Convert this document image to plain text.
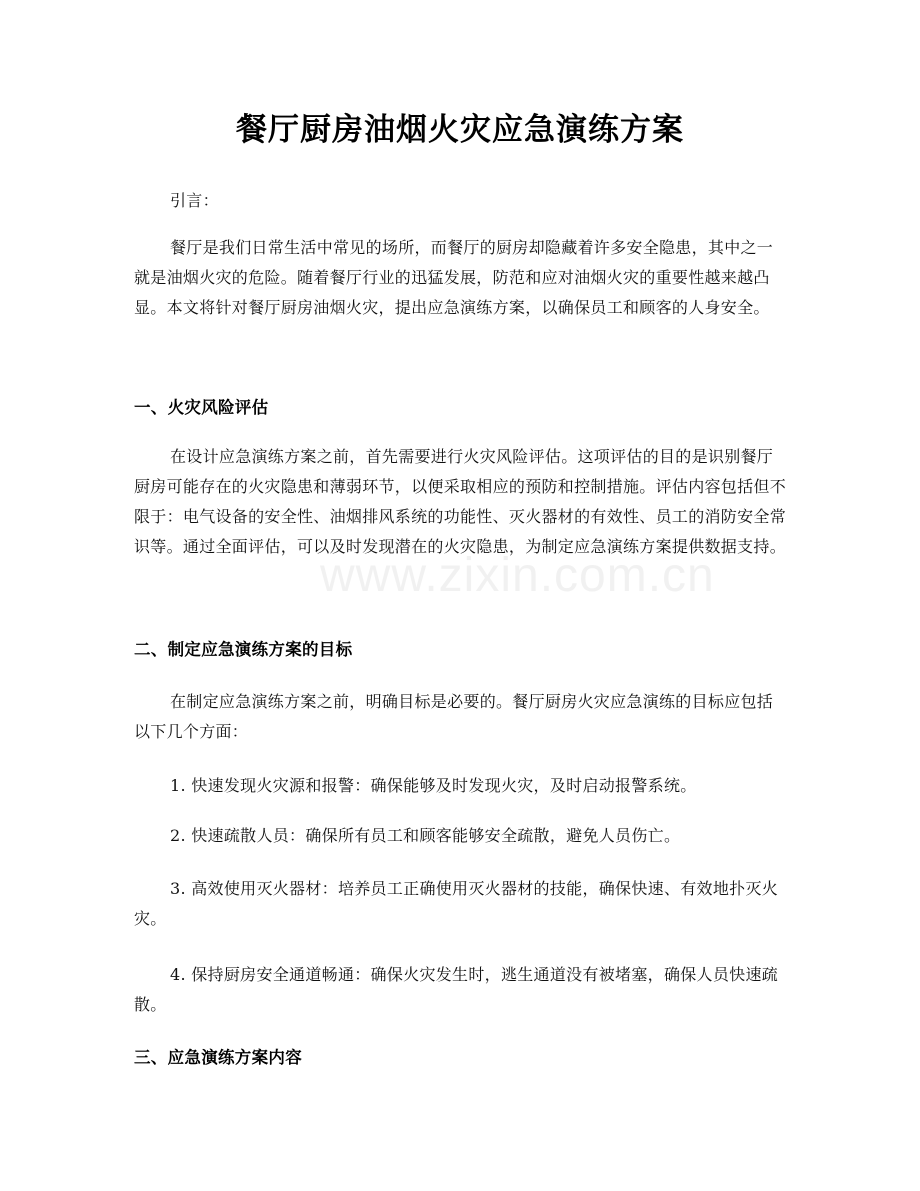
餐厅厨房油烟火灾应急演练方案

引言：

餐厅是我们日常生活中常见的场所，而餐厅的厨房却隐藏着许多安全隐患，其中之一就是油烟火灾的危险。随着餐厅行业的迅猛发展，防范和应对油烟火灾的重要性越来越凸显。本文将针对餐厅厨房油烟火灾，提出应急演练方案，以确保员工和顾客的人身安全。

一、火灾风险评估

在设计应急演练方案之前，首先需要进行火灾风险评估。这项评估的目的是识别餐厅厨房可能存在的火灾隐患和薄弱环节，以便采取相应的预防和控制措施。评估内容包括但不限于：电气设备的安全性、油烟排风系统的功能性、灭火器材的有效性、员工的消防安全常识等。通过全面评估，可以及时发现潜在的火灾隐患，为制定应急演练方案提供数据支持。

二、制定应急演练方案的目标

在制定应急演练方案之前，明确目标是必要的。餐厅厨房火灾应急演练的目标应包括以下几个方面：

1. 快速发现火灾源和报警：确保能够及时发现火灾，及时启动报警系统。

2. 快速疏散人员：确保所有员工和顾客能够安全疏散，避免人员伤亡。

3. 高效使用灭火器材：培养员工正确使用灭火器材的技能，确保快速、有效地扑灭火灾。

4. 保持厨房安全通道畅通：确保火灾发生时，逃生通道没有被堵塞，确保人员快速疏散。

三、应急演练方案内容

www.zixin.com.cn
